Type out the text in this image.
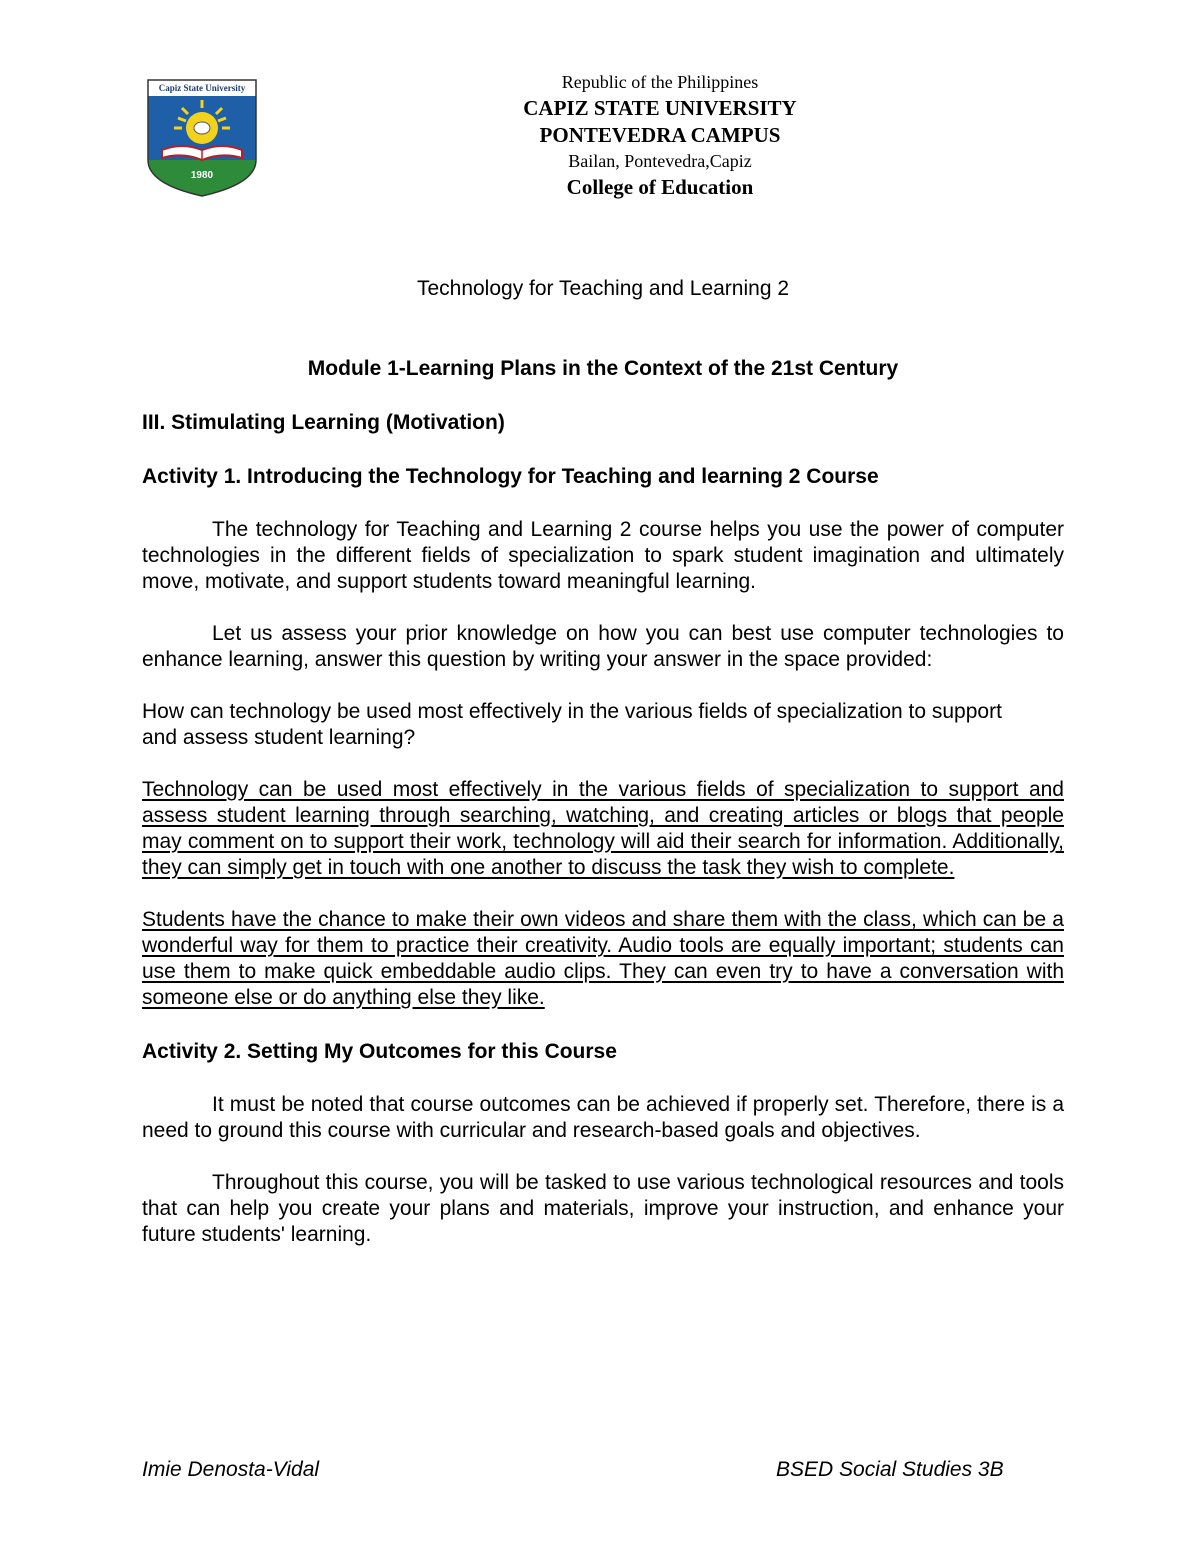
Capiz State University
1980
Republic of the Philippines
CAPIZ STATE UNIVERSITY
PONTEVEDRA CAMPUS
Bailan, Pontevedra,Capiz
College of Education

Technology for Teaching and Learning 2

Module 1-Learning Plans in the Context of the 21st Century

III. Stimulating Learning (Motivation)

Activity 1. Introducing the Technology for Teaching and learning 2 Course

The technology for Teaching and Learning 2 course helps you use the power of computer technologies in the different fields of specialization to spark student imagination and ultimately move, motivate, and support students toward meaningful learning.

Let us assess your prior knowledge on how you can best use computer technologies to enhance learning, answer this question by writing your answer in the space provided:

How can technology be used most effectively in the various fields of specialization to support and assess student learning?

Technology can be used most effectively in the various fields of specialization to support and assess student learning through searching, watching, and creating articles or blogs that people may comment on to support their work, technology will aid their search for information. Additionally, they can simply get in touch with one another to discuss the task they wish to complete.

Students have the chance to make their own videos and share them with the class, which can be a wonderful way for them to practice their creativity. Audio tools are equally important; students can use them to make quick embeddable audio clips. They can even try to have a conversation with someone else or do anything else they like.

Activity 2. Setting My Outcomes for this Course

It must be noted that course outcomes can be achieved if properly set. Therefore, there is a need to ground this course with curricular and research-based goals and objectives.

Throughout this course, you will be tasked to use various technological resources and tools that can help you create your plans and materials, improve your instruction, and enhance your future students' learning.

Imie Denosta-Vidal	BSED Social Studies 3B
